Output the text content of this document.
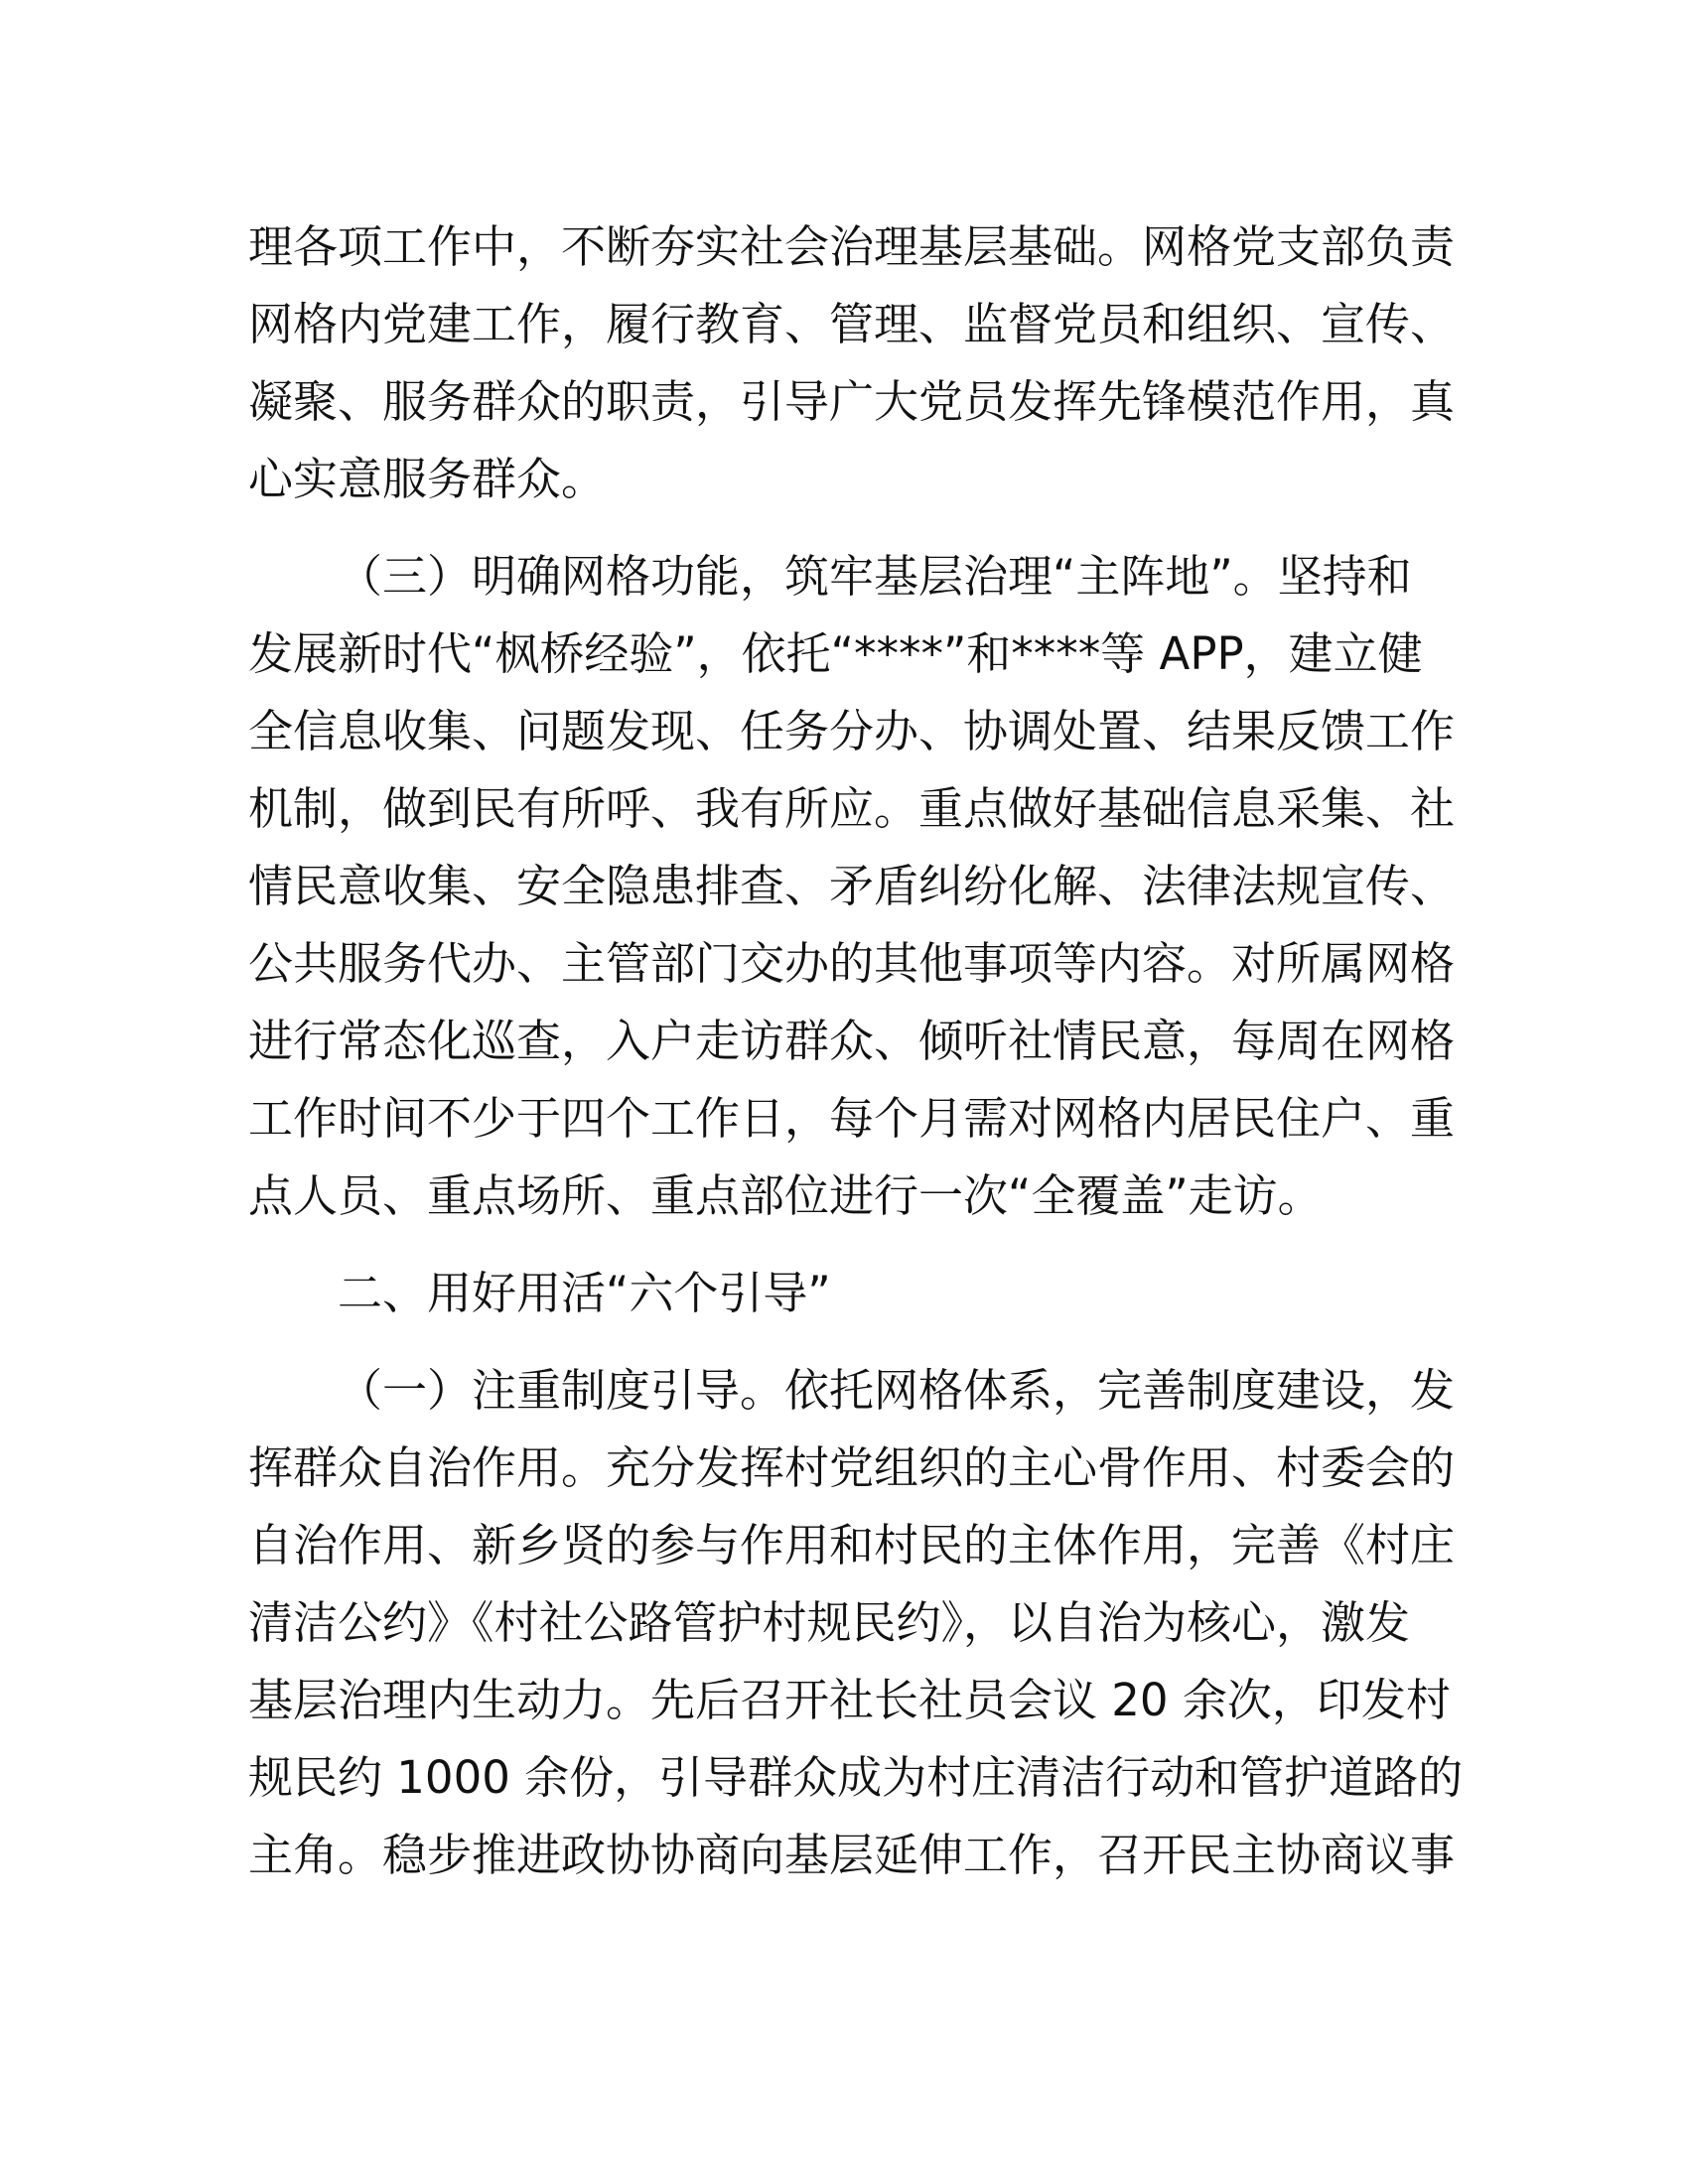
理各项工作中，不断夯实社会治理基层基础。网格党支部负责
网格内党建工作，履行教育、管理、监督党员和组织、宣传、
凝聚、服务群众的职责，引导广大党员发挥先锋模范作用，真
心实意服务群众。
（三）明确网格功能，筑牢基层治理“主阵地”。坚持和
发展新时代“枫桥经验”，依托“****”和****等 APP，建立健
全信息收集、问题发现、任务分办、协调处置、结果反馈工作
机制，做到民有所呼、我有所应。重点做好基础信息采集、社
情民意收集、安全隐患排查、矛盾纠纷化解、法律法规宣传、
公共服务代办、主管部门交办的其他事项等内容。对所属网格
进行常态化巡查，入户走访群众、倾听社情民意，每周在网格
工作时间不少于四个工作日，每个月需对网格内居民住户、重
点人员、重点场所、重点部位进行一次“全覆盖”走访。
二、用好用活“六个引导”
（一）注重制度引导。依托网格体系，完善制度建设，发
挥群众自治作用。充分发挥村党组织的主心骨作用、村委会的
自治作用、新乡贤的参与作用和村民的主体作用，完善《村庄
清洁公约》《村社公路管护村规民约》，以自治为核心，激发
基层治理内生动力。先后召开社长社员会议 20 余次，印发村
规民约 1000 余份，引导群众成为村庄清洁行动和管护道路的
主角。稳步推进政协协商向基层延伸工作，召开民主协商议事
